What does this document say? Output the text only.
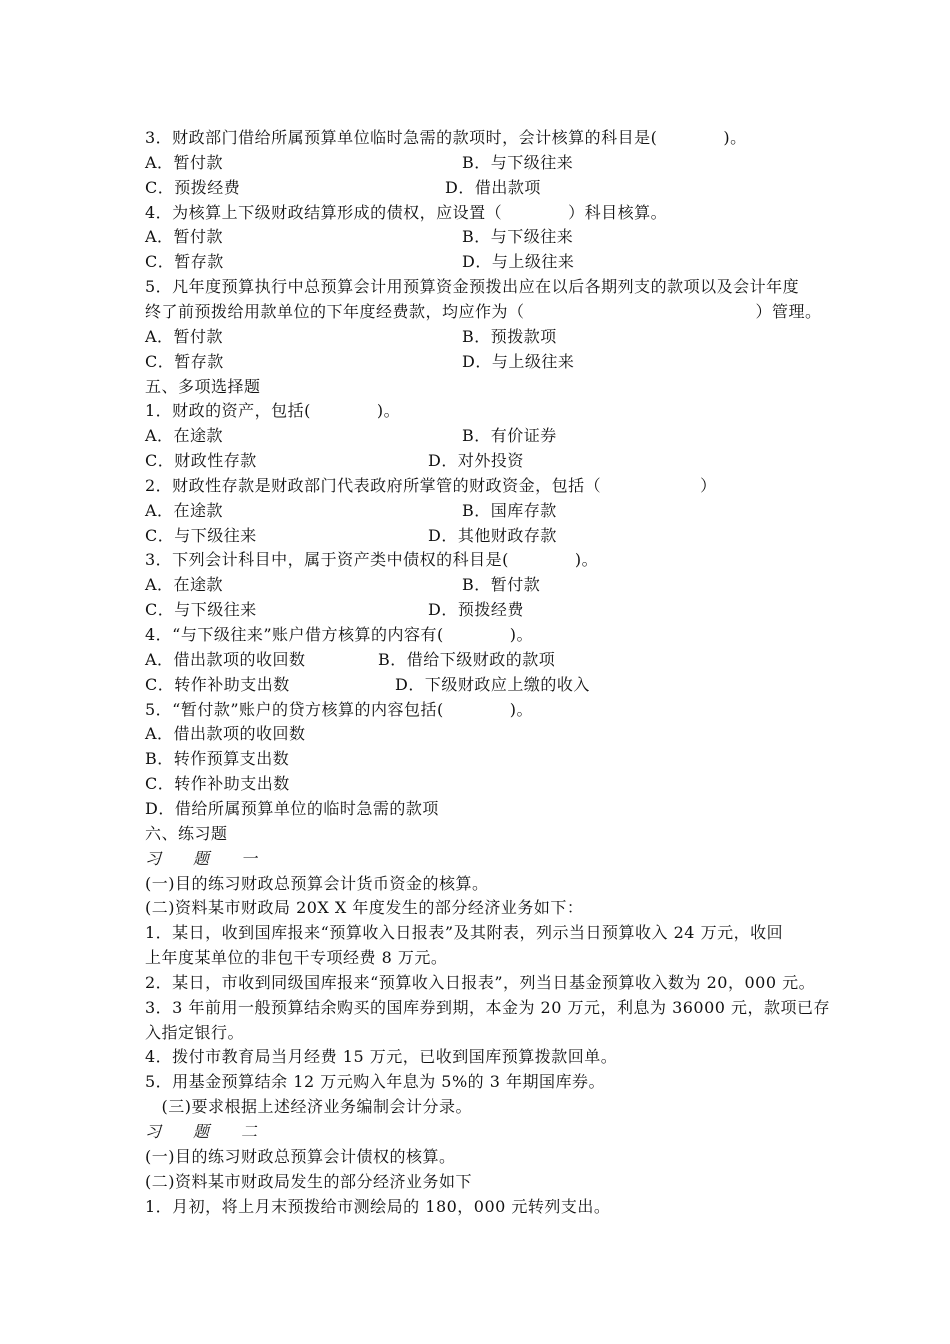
3．财政部门借给所属预算单位临时急需的款项时，会计核算的科目是(　　　　)。
A．暂付款	B．与下级往来
C．预拨经费	D．借出款项
4．为核算上下级财政结算形成的债权，应设置（　　　　）科目核算。
A．暂付款	B．与下级往来
C．暂存款	D．与上级往来
5．凡年度预算执行中总预算会计用预算资金预拨出应在以后各期列支的款项以及会计年度
终了前预拨给用款单位的下年度经费款，均应作为（　　　　　　　　　　　　　　）管理。
A．暂付款	B．预拨款项
C．暂存款	D．与上级往来
五、多项选择题
1．财政的资产，包括(　　　　)。
A．在途款	B．有价证券
C．财政性存款	D．对外投资
2．财政性存款是财政部门代表政府所掌管的财政资金，包括（　　　　　　）
A．在途款	B．国库存款
C．与下级往来	D．其他财政存款
3．下列会计科目中，属于资产类中债权的科目是(　　　　)。
A．在途款	B．暂付款
C．与下级往来	D．预拨经费
4．“与下级往来”账户借方核算的内容有(　　　　)。
A．借出款项的收回数	B．借给下级财政的款项
C．转作补助支出数	D．下级财政应上缴的收入
5．“暂付款”账户的贷方核算的内容包括(　　　　)。
A．借出款项的收回数
B．转作预算支出数
C．转作补助支出数
D．借给所属预算单位的临时急需的款项
六、练习题
习　　题　　一
(一)目的练习财政总预算会计货币资金的核算。
(二)资料某市财政局 20X X 年度发生的部分经济业务如下：
1．某日，收到国库报来“预算收入日报表”及其附表，列示当日预算收入 24 万元，收回
上年度某单位的非包干专项经费 8 万元。
2．某日，市收到同级国库报来“预算收入日报表”，列当日基金预算收入数为 20，000 元。
3．3 年前用一般预算结余购买的国库券到期，本金为 20 万元，利息为 36000 元，款项已存
入指定银行。
4．拨付市教育局当月经费 15 万元，已收到国库预算拨款回单。
5．用基金预算结余 12 万元购入年息为 5%的 3 年期国库券。
　(三)要求根据上述经济业务编制会计分录。
习　　题　　二
(一)目的练习财政总预算会计债权的核算。
(二)资料某市财政局发生的部分经济业务如下
1．月初，将上月末预拨给市测绘局的 180，000 元转列支出。
